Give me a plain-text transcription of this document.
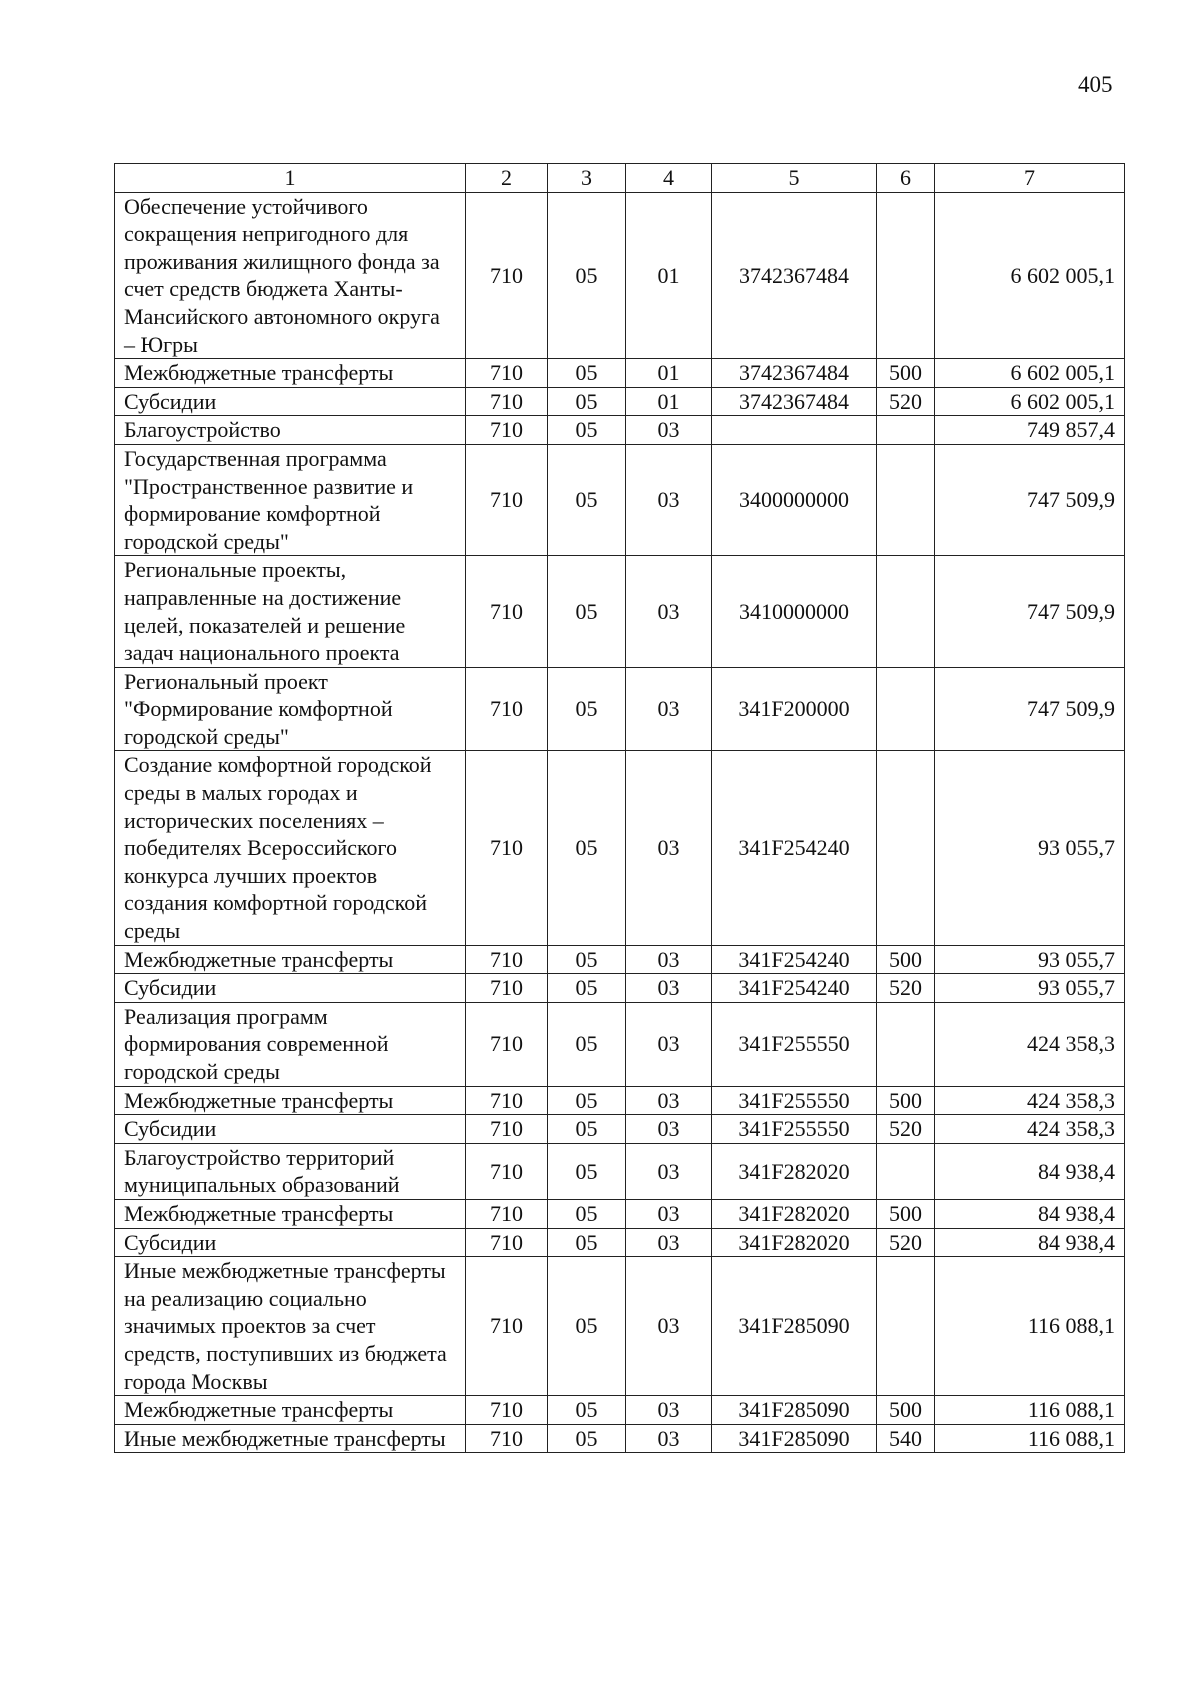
405
1	2	3	4	5	6	7
Обеспечение устойчивого сокращения непригодного для проживания жилищного фонда за счет средств бюджета Ханты-Мансийского автономного округа – Югры	710	05	01	3742367484		6 602 005,1
Межбюджетные трансферты	710	05	01	3742367484	500	6 602 005,1
Субсидии	710	05	01	3742367484	520	6 602 005,1
Благоустройство	710	05	03			749 857,4
Государственная программа "Пространственное развитие и формирование комфортной городской среды"	710	05	03	3400000000		747 509,9
Региональные проекты, направленные на достижение целей, показателей и решение задач национального проекта	710	05	03	3410000000		747 509,9
Региональный проект "Формирование комфортной городской среды"	710	05	03	341F200000		747 509,9
Создание комфортной городской среды в малых городах и исторических поселениях – победителях Всероссийского конкурса лучших проектов создания комфортной городской среды	710	05	03	341F254240		93 055,7
Межбюджетные трансферты	710	05	03	341F254240	500	93 055,7
Субсидии	710	05	03	341F254240	520	93 055,7
Реализация программ формирования современной городской среды	710	05	03	341F255550		424 358,3
Межбюджетные трансферты	710	05	03	341F255550	500	424 358,3
Субсидии	710	05	03	341F255550	520	424 358,3
Благоустройство территорий муниципальных образований	710	05	03	341F282020		84 938,4
Межбюджетные трансферты	710	05	03	341F282020	500	84 938,4
Субсидии	710	05	03	341F282020	520	84 938,4
Иные межбюджетные трансферты на реализацию социально значимых проектов за счет средств, поступивших из бюджета города Москвы	710	05	03	341F285090		116 088,1
Межбюджетные трансферты	710	05	03	341F285090	500	116 088,1
Иные межбюджетные трансферты	710	05	03	341F285090	540	116 088,1
